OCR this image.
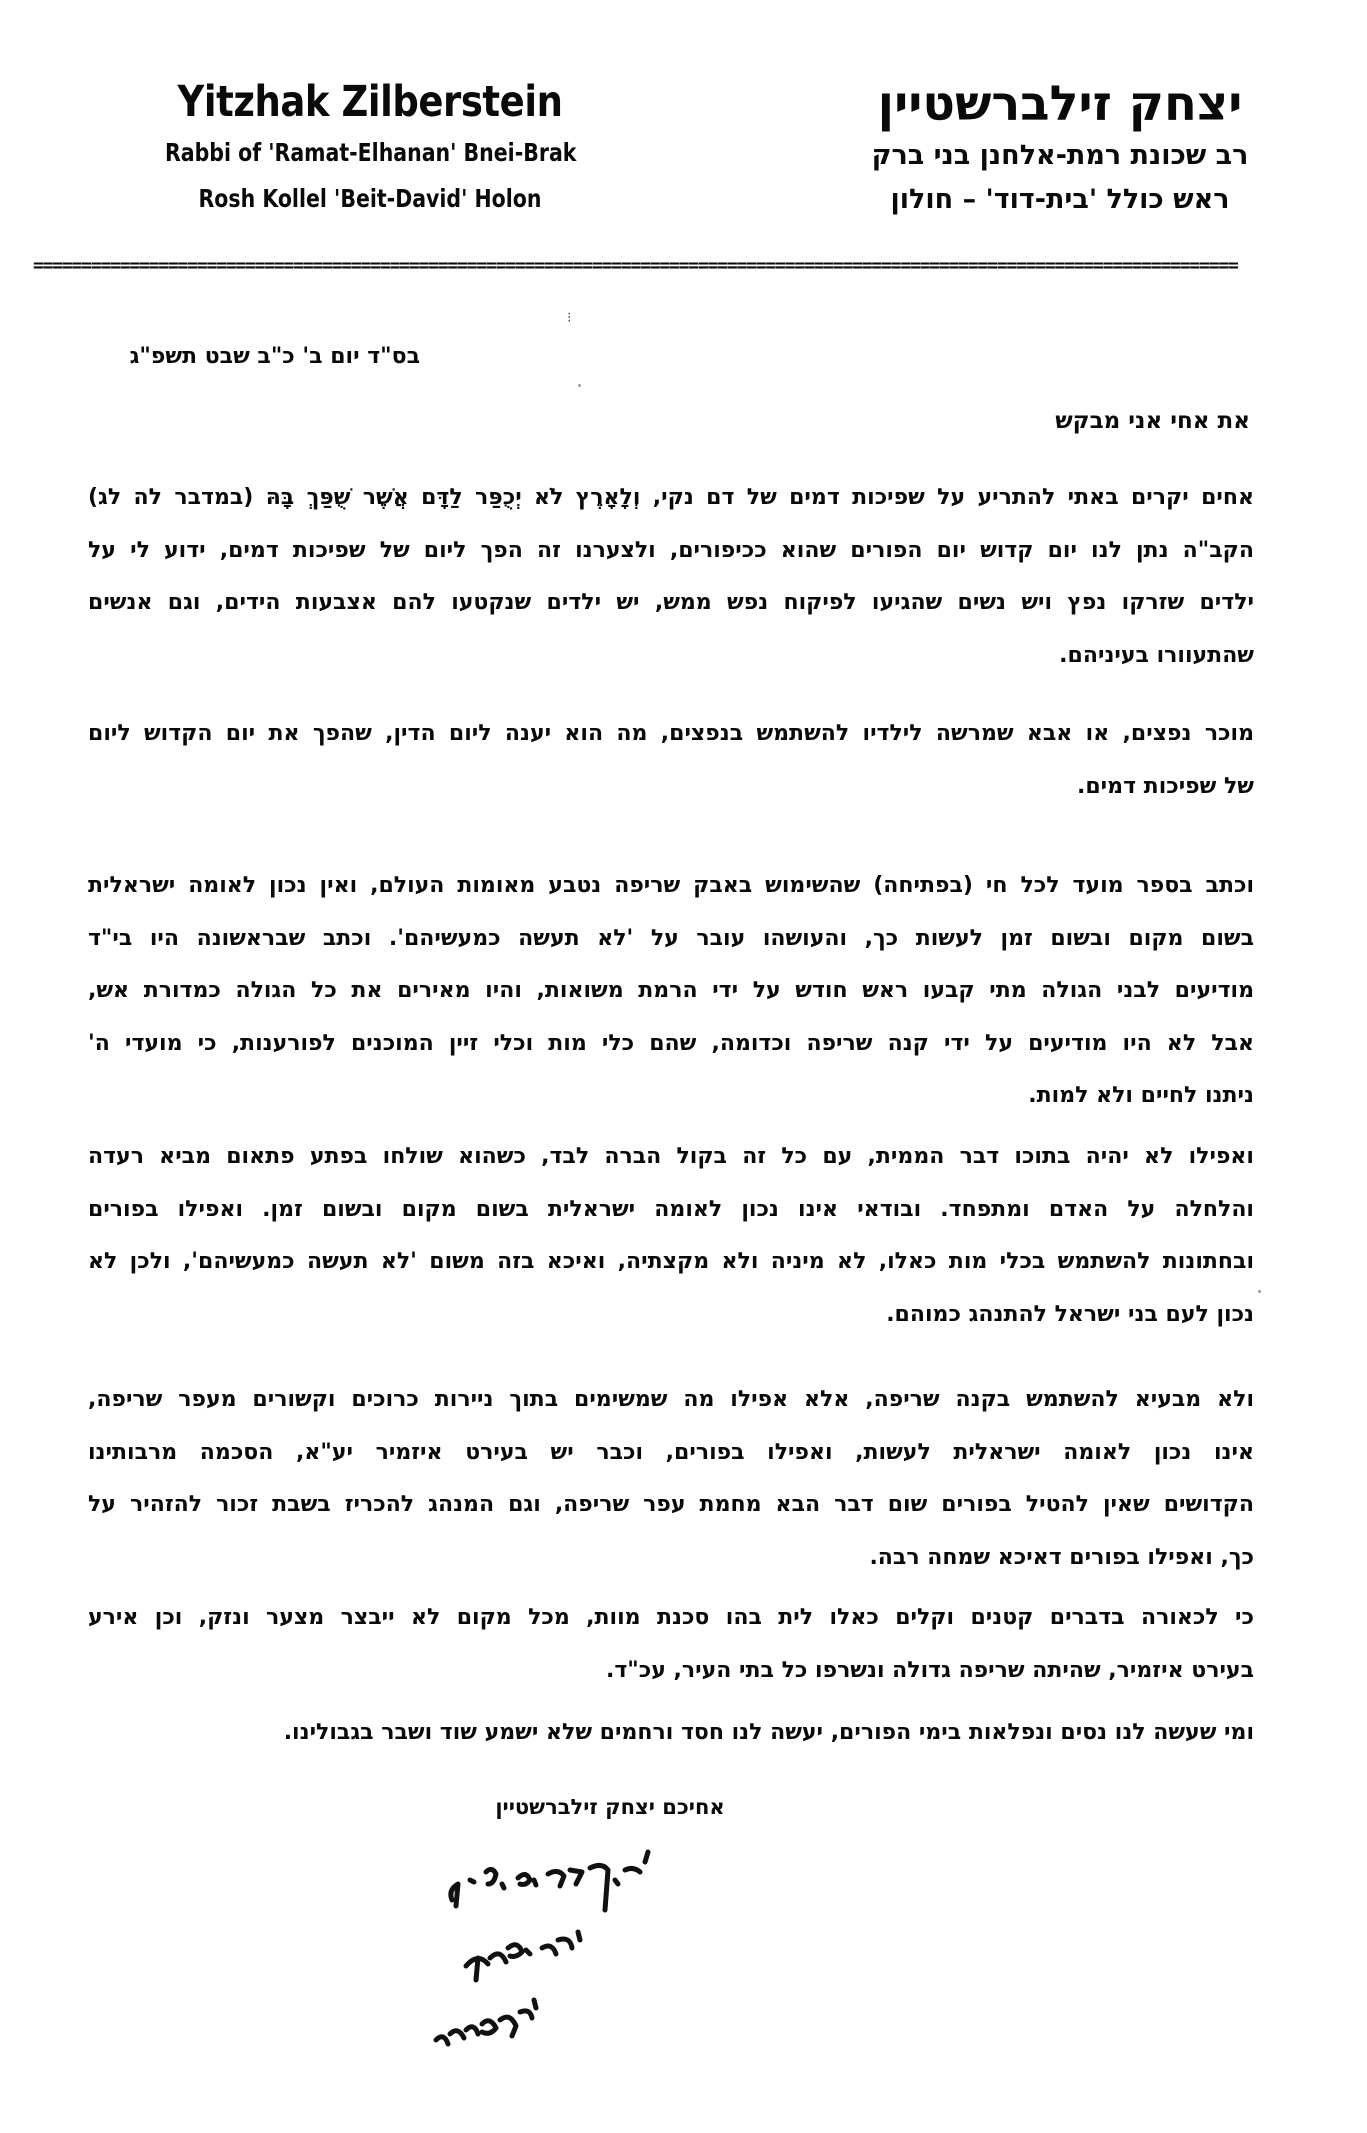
Yitzhak Zilberstein
Rabbi of 'Ramat-Elhanan' Bnei-Brak
Rosh Kollel 'Beit-David' Holon
יצחק זילברשטיין
רב שכונת רמת-אלחנן בני ברק
ראש כולל 'בית-דוד' – חולון
=============================================================================================================================
⁝
בס"ד יום ב' כ"ב שבט תשפ"ג
את אחי אני מבקש
אחים יקרים באתי להתריע על שפיכות דמים של דם נקי, וְלָאָרֶץ לֹא יְכֻפַּר לַדָּם אֲשֶׁר שֻׁפַּךְ בָּהּ (במדבר לה לג)
הקב"ה נתן לנו יום קדוש יום הפורים שהוא ככיפורים, ולצערנו זה הפך ליום של שפיכות דמים, ידוע לי על
ילדים שזרקו נפץ ויש נשים שהגיעו לפיקוח נפש ממש, יש ילדים שנקטעו להם אצבעות הידים, וגם אנשים
שהתעוורו בעיניהם.
מוכר נפצים, או אבא שמרשה לילדיו להשתמש בנפצים, מה הוא יענה ליום הדין, שהפך את יום הקדוש ליום
של שפיכות דמים.
וכתב בספר מועד לכל חי (בפתיחה) שהשימוש באבק שריפה נטבע מאומות העולם, ואין נכון לאומה ישראלית
בשום מקום ובשום זמן לעשות כך, והעושהו עובר על 'לא תעשה כמעשיהם'. וכתב שבראשונה היו בי"ד
מודיעים לבני הגולה מתי קבעו ראש חודש על ידי הרמת משואות, והיו מאירים את כל הגולה כמדורת אש,
אבל לא היו מודיעים על ידי קנה שריפה וכדומה, שהם כלי מות וכלי זיין המוכנים לפורענות, כי מועדי ה'
ניתנו לחיים ולא למות.
ואפילו לא יהיה בתוכו דבר הממית, עם כל זה בקול הברה לבד, כשהוא שולחו בפתע פתאום מביא רעדה
והלחלה על האדם ומתפחד. ובודאי אינו נכון לאומה ישראלית בשום מקום ובשום זמן. ואפילו בפורים
ובחתונות להשתמש בכלי מות כאלו, לא מיניה ולא מקצתיה, ואיכא בזה משום 'לא תעשה כמעשיהם', ולכן לא
נכון לעם בני ישראל להתנהג כמוהם.
ולא מבעיא להשתמש בקנה שריפה, אלא אפילו מה שמשימים בתוך ניירות כרוכים וקשורים מעפר שריפה,
אינו נכון לאומה ישראלית לעשות, ואפילו בפורים, וכבר יש בעירט איזמיר יע"א, הסכמה מרבותינו
הקדושים שאין להטיל בפורים שום דבר הבא מחמת עפר שריפה, וגם המנהג להכריז בשבת זכור להזהיר על
כך, ואפילו בפורים דאיכא שמחה רבה.
כי לכאורה בדברים קטנים וקלים כאלו לית בהו סכנת מוות, מכל מקום לא ייבצר מצער ונזק, וכן אירע
בעירט איזמיר, שהיתה שריפה גדולה ונשרפו כל בתי העיר, עכ"ד.
ומי שעשה לנו נסים ונפלאות בימי הפורים, יעשה לנו חסד ורחמים שלא ישמע שוד ושבר בגבולינו.
אחיכם יצחק זילברשטיין
